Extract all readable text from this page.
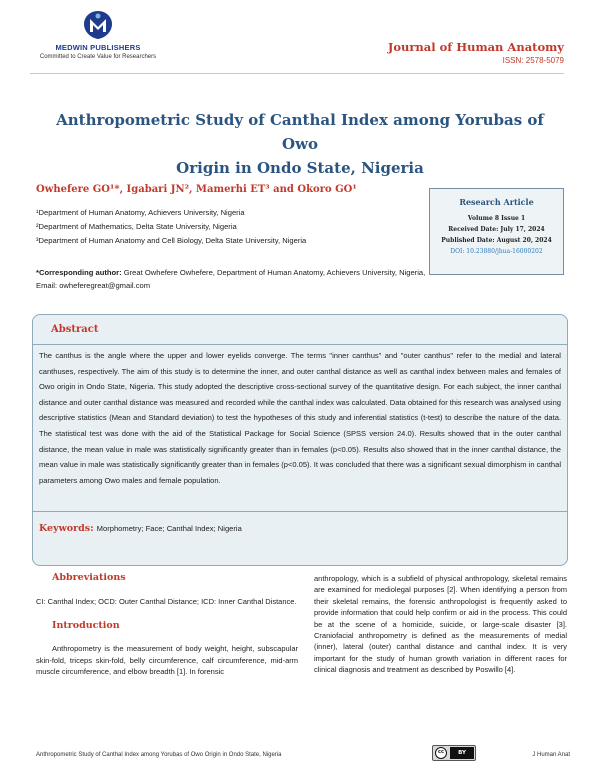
MEDWIN PUBLISHERS
Committed to Create Value for Researchers
Journal of Human Anatomy
ISSN: 2578-5079
Anthropometric Study of Canthal Index among Yorubas of Owo
Origin in Ondo State, Nigeria
Owhefere GO¹*, Igabari JN², Mamerhi ET³ and Okoro GO¹
¹Department of Human Anatomy, Achievers University, Nigeria
²Department of Mathematics, Delta State University, Nigeria
³Department of Human Anatomy and Cell Biology, Delta State University, Nigeria
*Corresponding author: Great Owhefere Owhefere, Department of Human Anatomy, Achievers University, Nigeria, Email: owheferegreat@gmail.com
Research Article
Volume 8 Issue 1
Received Date: July 17, 2024
Published Date: August 20, 2024
DOI: 10.23880/jhua-16000202
Abstract
The canthus is the angle where the upper and lower eyelids converge. The terms "inner canthus" and "outer canthus" refer to the medial and lateral canthuses, respectively. The aim of this study is to determine the inner, and outer canthal distance as well as canthal index between males and females of Owo origin in Ondo State, Nigeria. This study adopted the descriptive cross-sectional survey of the quantitative design. For each subject, the inner canthal distance and outer canthal distance was measured and recorded while the canthal index was calculated. Data obtained for this research was analysed using descriptive statistics (Mean and Standard deviation) to test the hypotheses of this study and inferential statistics (t-test) to describe the nature of the data. The statistical test was done with the aid of the Statistical Package for Social Science (SPSS version 24.0). Results showed that in the outer canthal distance, the mean value in male was statistically significantly greater than in females (p<0.05). Results also showed that in the inner canthal distance, the mean value in male was statistically significantly greater than in females (p<0.05). It was concluded that there was a significant sexual dimorphism in canthal parameters among Owo males and female population.
Keywords: Morphometry; Face; Canthal Index; Nigeria
Abbreviations
CI: Canthal Index; OCD: Outer Canthal Distance; ICD: Inner Canthal Distance.
Introduction
Anthropometry is the measurement of body weight, height, subscapular skin-fold, triceps skin-fold, belly circumference, calf circumference, mid-arm muscle circumference, and elbow breadth [1]. In forensic
anthropology, which is a subfield of physical anthropology, skeletal remains are examined for mediolegal purposes [2]. When identifying a person from their skeletal remains, the forensic anthropologist is frequently asked to provide information that could help confirm or aid in the process. This could be at the scene of a homicide, suicide, or large-scale disaster [3]. Craniofacial anthropometry is defined as the measurements of medial (inner), lateral (outer) canthal distance and canthal index. It is very important for the study of human growth variation in different races for clinical diagnosis and treatment as described by Poswillo [4].
Anthropometric Study of Canthal Index among Yorubas of Owo Origin in Ondo State, Nigeria	cc	BY	J Human Anat
